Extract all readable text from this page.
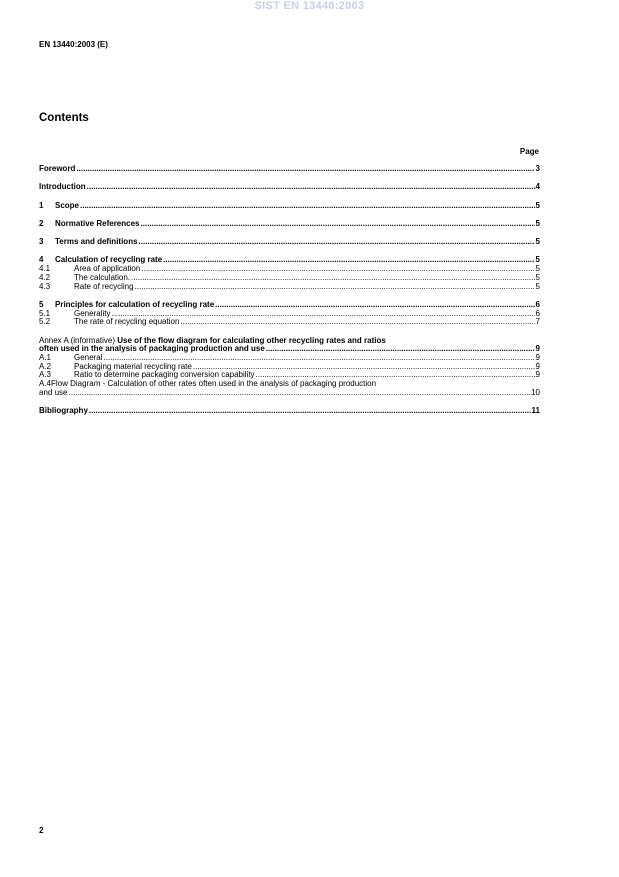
SIST EN 13440:2003
EN 13440:2003 (E)
Contents
Page
Foreword .....	3
Introduction .....	4
1	Scope .....	5
2	Normative References .....	5
3	Terms and definitions .....	5
4	Calculation of recycling rate .....	5
4.1	Area of application .....	5
4.2	The calculation. .....	5
4.3	Rate of recycling .....	5
5	Principles for calculation of recycling rate .....	6
5.1	Generality .....	6
5.2	The rate of recycling equation .....	7
Annex A (informative) Use of the flow diagram for calculating other recycling rates and ratios
often used in the analysis of packaging production and use .....	9
A.1	General .....	9
A.2	Packaging material recycling rate .....	9
A.3	Ratio to determine packaging conversion capability .....	9
A.4Flow Diagram - Calculation of other rates often used in the analysis of packaging production
and use .....	10
Bibliography .....	11
2
